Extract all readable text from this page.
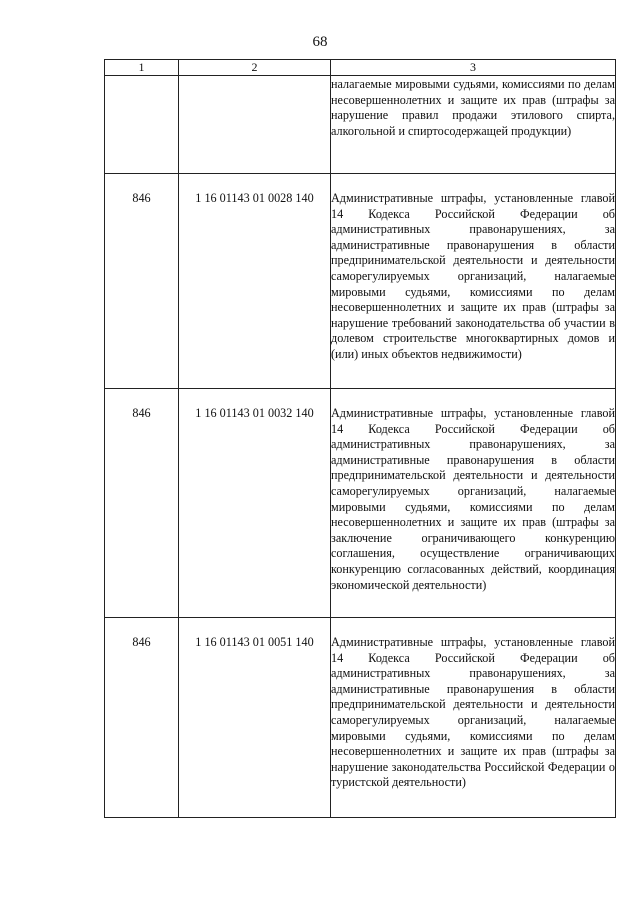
68
1	2	3

		налагаемые мировыми судьями, комиссиями по делам несовершеннолетних и защите их прав (штрафы за нарушение правил продажи этилового спирта, алкогольной и спиртосодержащей продукции)

846	1 16 01143 01 0028 140	Административные штрафы, установленные главой 14 Кодекса Российской Федерации об административных правонарушениях, за административные правонарушения в области предпринимательской деятельности и деятельности саморегулируемых организаций, налагаемые мировыми судьями, комиссиями по делам несовершеннолетних и защите их прав (штрафы за нарушение требований законодательства об участии в долевом строительстве многоквартирных домов и (или) иных объектов недвижимости)

846	1 16 01143 01 0032 140	Административные штрафы, установленные главой 14 Кодекса Российской Федерации об административных правонарушениях, за административные правонарушения в области предпринимательской деятельности и деятельности саморегулируемых организаций, налагаемые мировыми судьями, комиссиями по делам несовершеннолетних и защите их прав (штрафы за заключение ограничивающего конкуренцию соглашения, осуществление ограничивающих конкуренцию согласованных действий, координация экономической деятельности)

846	1 16 01143 01 0051 140	Административные штрафы, установленные главой 14 Кодекса Российской Федерации об административных правонарушениях, за административные правонарушения в области предпринимательской деятельности и деятельности саморегулируемых организаций, налагаемые мировыми судьями, комиссиями по делам несовершеннолетних и защите их прав (штрафы за нарушение законодательства Российской Федерации о туристской деятельности)
